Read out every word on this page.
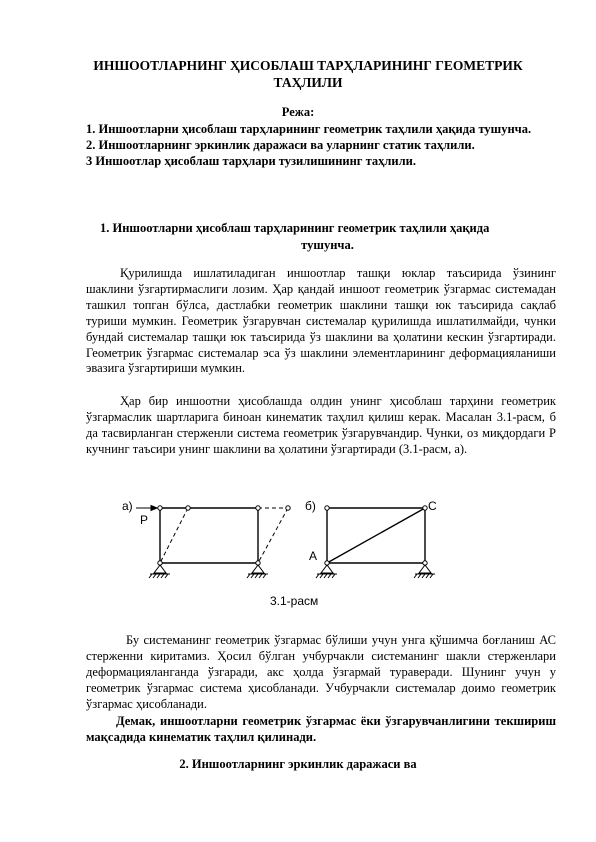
ИНШООТЛАРНИНГ ҲИСОБЛАШ ТАРҲЛАРИНИНГ ГЕОМЕТРИК ТАҲЛИЛИ
Режа:
1. Иншоотларни ҳисоблаш тарҳларининг геометрик таҳлили ҳақида тушунча.
2. Иншоотларнинг эркинлик даражаси ва уларнинг статик таҳлили.
3 Иншоотлар ҳисоблаш тарҳлари тузилишининг таҳлили.
1. Иншоотларни ҳисоблаш тарҳларининг геометрик таҳлили ҳақида
тушунча.

Қурилишда ишлатиладиган иншоотлар ташқи юклар таъсирида ўзининг шаклини ўзгартирмаслиги лозим. Ҳар қандай иншоот геометрик ўзгармас системадан ташкил топган бўлса, дастлабки геометрик шаклини ташқи юк таъсирида сақлаб туриши мумкин. Геометрик ўзгарувчан системалар қурилишда ишлатилмайди, чунки бундай системалар ташқи юк таъсирида ўз шаклини ва ҳолатини кескин ўзгартиради. Геометрик ўзгармас системалар эса ўз шаклини элементларининг деформацияланиши эвазига ўзгартириши мумкин.

Ҳар бир иншоотни ҳисоблашда олдин унинг ҳисоблаш тарҳини геометрик ўзгармаслик шартларига биноан кинематик таҳлил қилиш керак. Масалан 3.1-расм, б да тасвирланган стерженли система геометрик ўзгарувчандир. Чунки, оз миқдордаги Р кучнинг таъсири унинг шаклини ва ҳолатини ўзгартиради (3.1-расм, а).

а)
P
б)	C
A
3.1-расм

Бу системанинг геометрик ўзгармас бўлиши учун унга қўшимча боғланиш АС стерженни киритамиз. Ҳосил бўлган учбурчакли системанинг шакли стерженлари деформацияланганда ўзгаради, акс ҳолда ўзгармай тураверади. Шунинг учун у геометрик ўзгармас система ҳисобланади. Учбурчакли системалар доимо геометрик ўзгармас ҳисобланади.

Демак, иншоотларни геометрик ўзгармас ёки ўзгарувчанлигини текшириш мақсадида кинематик таҳлил қилинади.

2. Иншоотларнинг эркинлик даражаси ва
